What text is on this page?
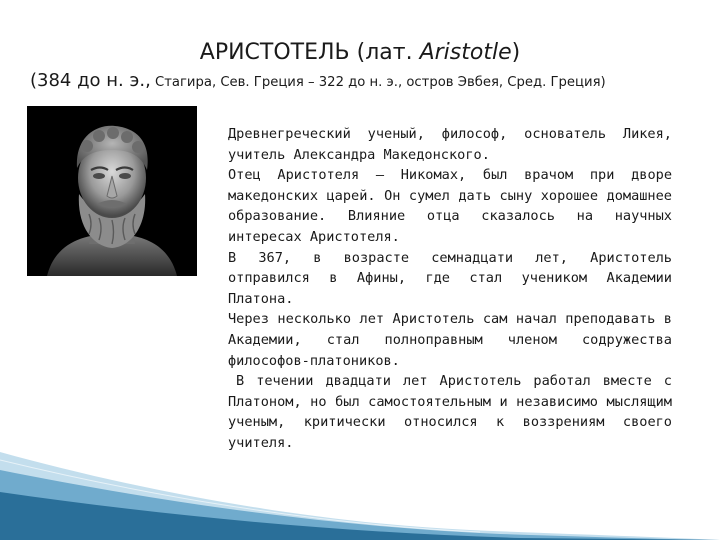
АРИСТОТЕЛЬ (лат. Aristotle)
(384 до н. э., Стагира, Сев. Греция – 322 до н. э., остров Эвбея, Сред. Греция)

Древнегреческий ученый, философ, основатель Ликея, учитель Александра Македонского.

Отец Аристотеля – Никомах, был врачом при дворе македонских царей. Он сумел дать сыну хорошее домашнее образование. Влияние отца сказалось на научных интересах Аристотеля.

В 367, в возрасте семнадцати лет, Аристотель отправился в Афины, где стал учеником Академии Платона.

Через несколько лет Аристотель сам начал преподавать в Академии, стал полноправным членом содружества философов-платоников.

В течении двадцати лет Аристотель работал вместе с Платоном, но был самостоятельным и независимо мыслящим ученым, критически относился к воззрениям своего учителя.
